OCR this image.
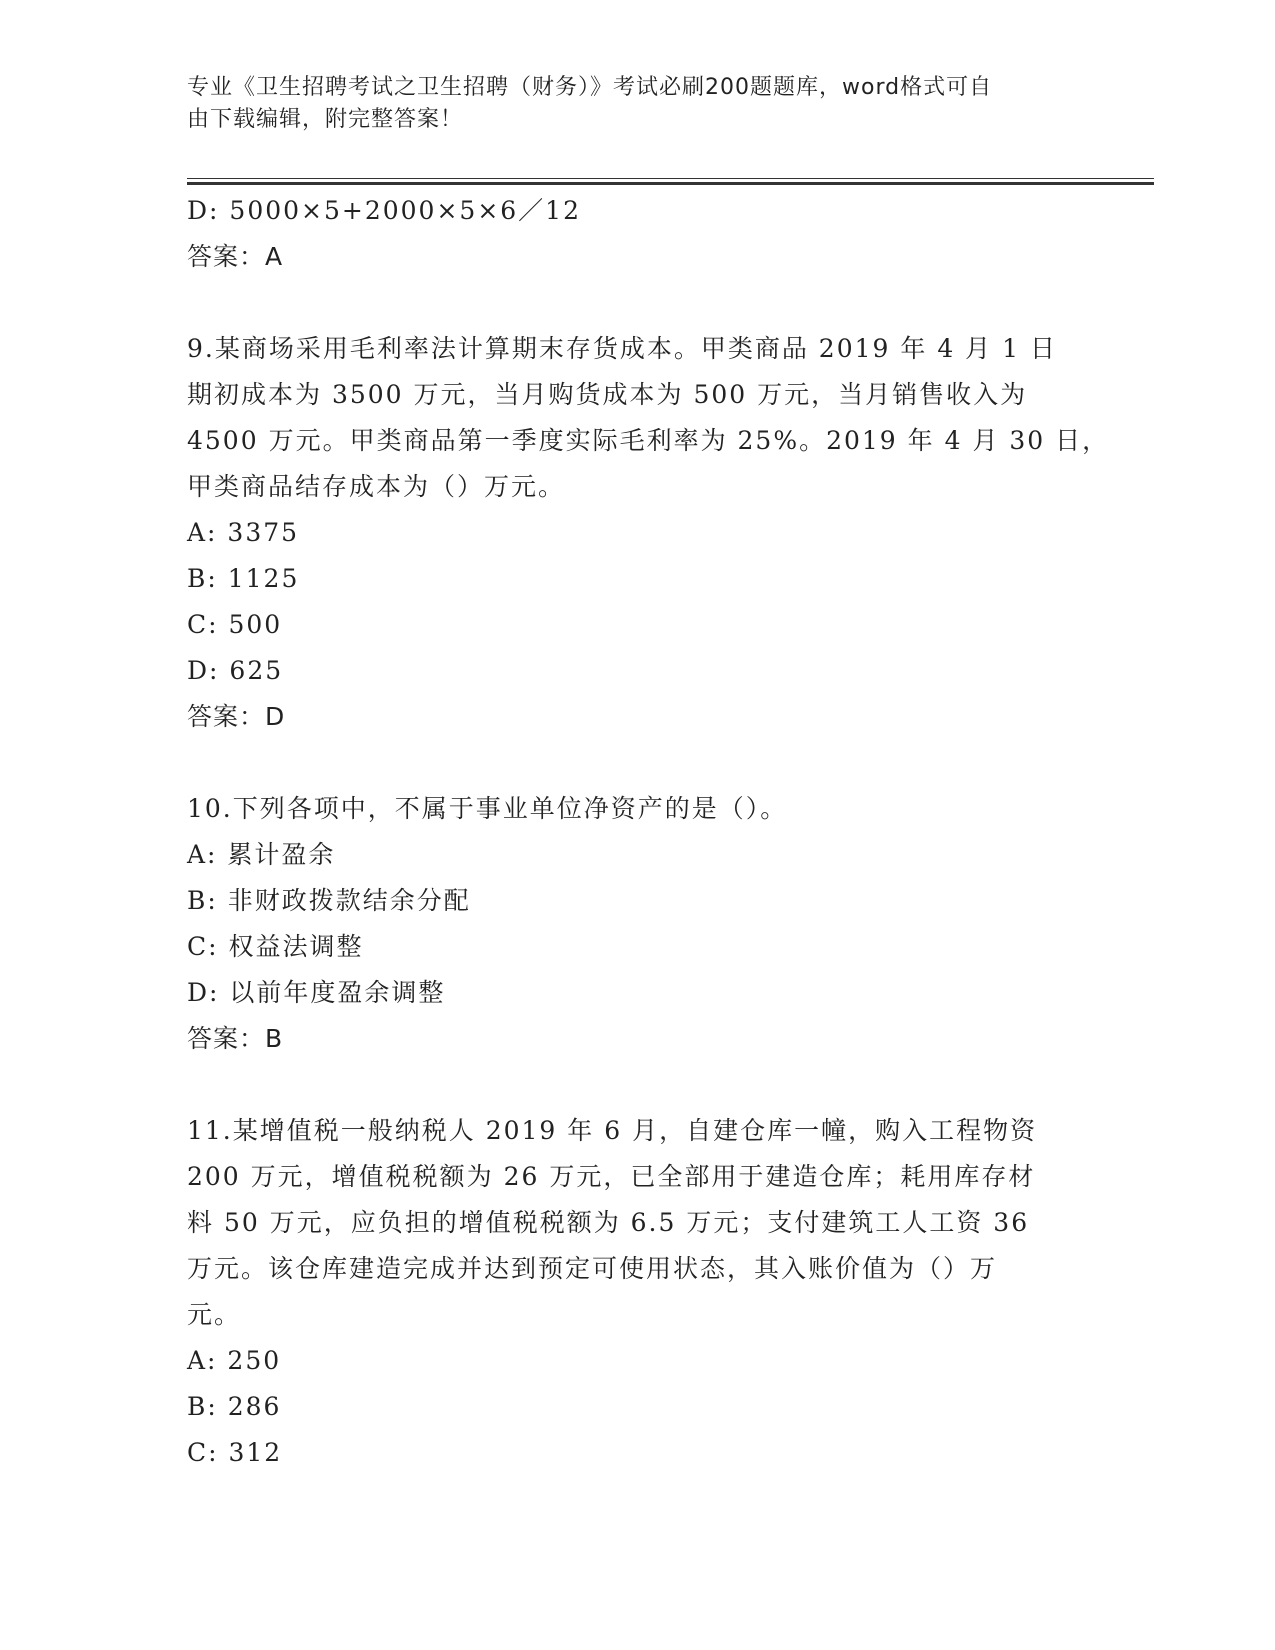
专业《卫生招聘考试之卫生招聘（财务）》考试必刷200题题库，word格式可自
由下载编辑，附完整答案！
D: 5000×5+2000×5×6／12
答案：A
9.某商场采用毛利率法计算期末存货成本。甲类商品 2019 年 4 月 1 日
期初成本为 3500 万元，当月购货成本为 500 万元，当月销售收入为
4500 万元。甲类商品第一季度实际毛利率为 25%。2019 年 4 月 30 日，
甲类商品结存成本为（）万元。
A: 3375
B: 1125
C: 500
D: 625
答案：D
10.下列各项中，不属于事业单位净资产的是（）。
A: 累计盈余
B: 非财政拨款结余分配
C: 权益法调整
D: 以前年度盈余调整
答案：B
11.某增值税一般纳税人 2019 年 6 月，自建仓库一幢，购入工程物资
200 万元，增值税税额为 26 万元，已全部用于建造仓库；耗用库存材
料 50 万元，应负担的增值税税额为 6.5 万元；支付建筑工人工资 36
万元。该仓库建造完成并达到预定可使用状态，其入账价值为（）万
元。
A: 250
B: 286
C: 312
